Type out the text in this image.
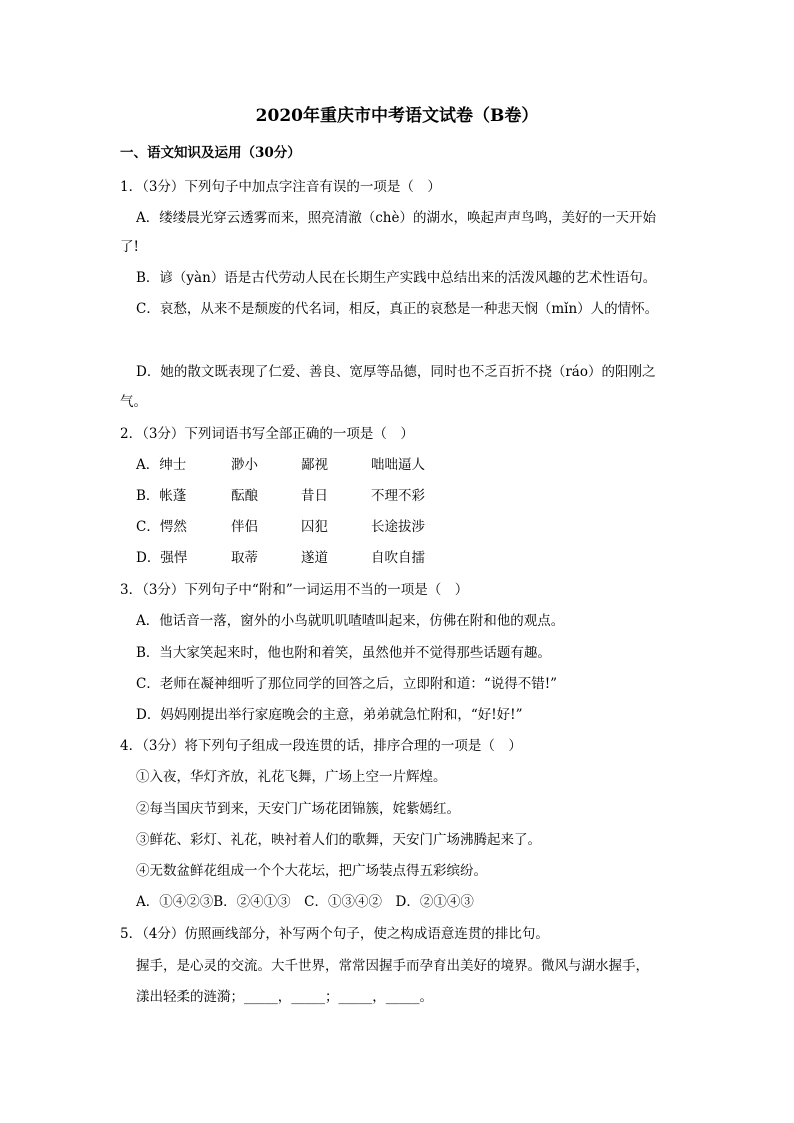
2020年重庆市中考语文试卷（B卷）
一、语文知识及运用（30分）
1．（3分）下列句子中加点字注音有误的一项是（　）
A．缕缕晨光穿云透雾而来，照亮清澈（chè）的湖水，唤起声声鸟鸣，美好的一天开始
了!
B．谚（yàn）语是古代劳动人民在长期生产实践中总结出来的活泼风趣的艺术性语句。
C．哀愁，从来不是颓废的代名词，相反，真正的哀愁是一种悲天悯（mǐn）人的情怀。
D．她的散文既表现了仁爱、善良、宽厚等品德，同时也不乏百折不挠（ráo）的阳刚之
气。
2．（3分）下列词语书写全部正确的一项是（　）
A．绅士	渺小	鄙视	咄咄逼人
B．帐蓬	酝酿	昔日	不理不彩
C．愕然	伴侣	囚犯	长途拔涉
D．强悍	取蒂	遂道	自吹自擂
3．（3分）下列句子中“附和”一词运用不当的一项是（　）
A．他话音一落，窗外的小鸟就叽叽喳喳叫起来，仿佛在附和他的观点。
B．当大家笑起来时，他也附和着笑，虽然他并不觉得那些话题有趣。
C．老师在凝神细听了那位同学的回答之后，立即附和道：“说得不错!”
D．妈妈刚提出举行家庭晚会的主意，弟弟就急忙附和，“好!好!”
4．（3分）将下列句子组成一段连贯的话，排序合理的一项是（　）
①入夜，华灯齐放，礼花飞舞，广场上空一片辉煌。
②每当国庆节到来，天安门广场花团锦簇，姹紫嫣红。
③鲜花、彩灯、礼花，映衬着人们的歌舞，天安门广场沸腾起来了。
④无数盆鲜花组成一个个大花坛，把广场装点得五彩缤纷。
A．①④②③B．②④①③　C．①③④②　D．②①④③
5．（4分）仿照画线部分，补写两个句子，使之构成语意连贯的排比句。
握手，是心灵的交流。大千世界，常常因握手而孕育出美好的境界。微风与湖水握手，
漾出轻柔的涟漪；_____，_____；_____，_____。
